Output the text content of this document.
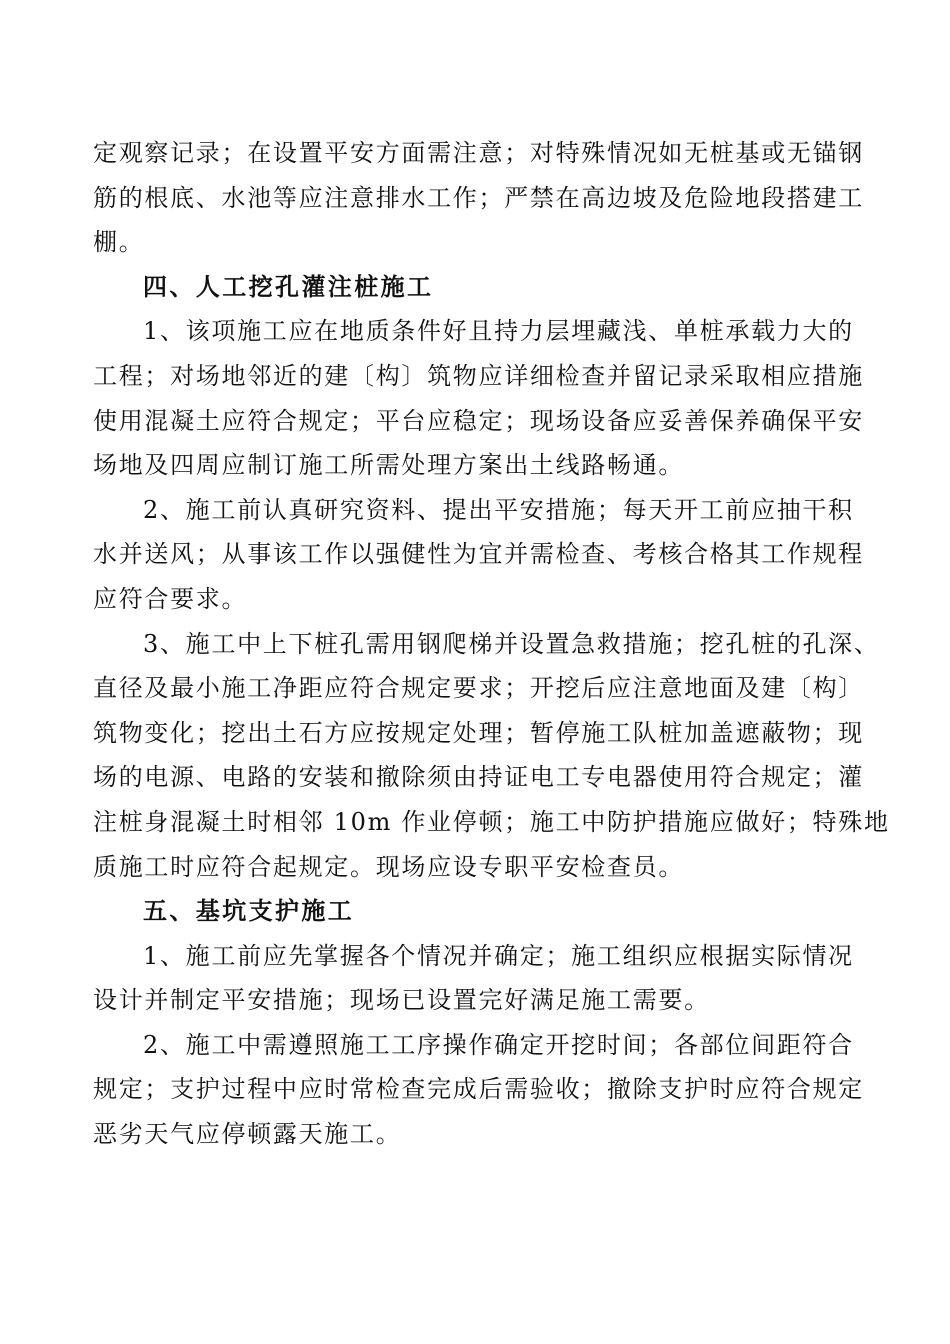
定观察记录；在设置平安方面需注意；对特殊情况如无桩基或无锚钢
筋的根底、水池等应注意排水工作；严禁在高边坡及危险地段搭建工
棚。
四、人工挖孔灌注桩施工
1、该项施工应在地质条件好且持力层埋藏浅、单桩承载力大的
工程；对场地邻近的建〔构〕筑物应详细检查并留记录采取相应措施
使用混凝土应符合规定；平台应稳定；现场设备应妥善保养确保平安
场地及四周应制订施工所需处理方案出土线路畅通。
2、施工前认真研究资料、提出平安措施；每天开工前应抽干积
水并送风；从事该工作以强健性为宜并需检查、考核合格其工作规程
应符合要求。
3、施工中上下桩孔需用钢爬梯并设置急救措施；挖孔桩的孔深、
直径及最小施工净距应符合规定要求；开挖后应注意地面及建〔构〕
筑物变化；挖出土石方应按规定处理；暂停施工队桩加盖遮蔽物；现
场的电源、电路的安装和撤除须由持证电工专电器使用符合规定；灌
注桩身混凝土时相邻 10m 作业停顿；施工中防护措施应做好；特殊地
质施工时应符合起规定。现场应设专职平安检查员。
五、基坑支护施工
1、施工前应先掌握各个情况并确定；施工组织应根据实际情况
设计并制定平安措施；现场已设置完好满足施工需要。
2、施工中需遵照施工工序操作确定开挖时间；各部位间距符合
规定；支护过程中应时常检查完成后需验收；撤除支护时应符合规定
恶劣天气应停顿露天施工。
